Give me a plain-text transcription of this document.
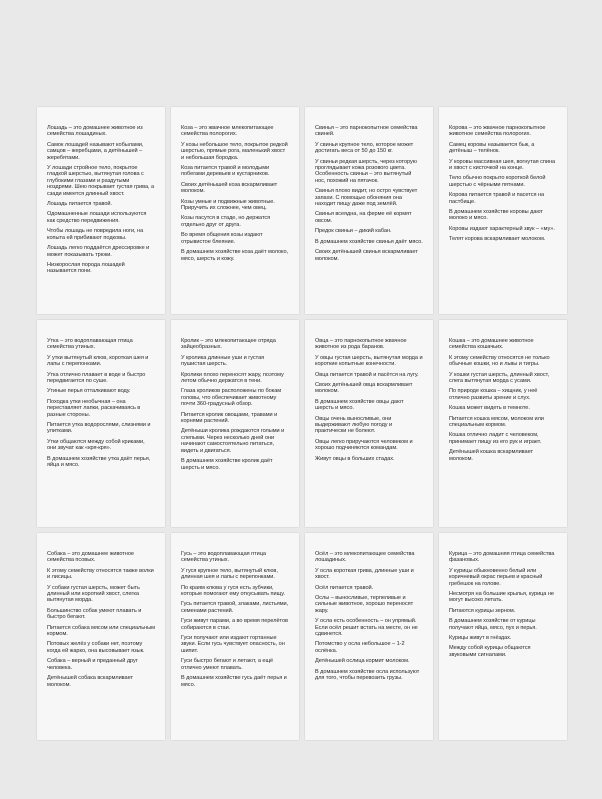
Лошадь – это домашнее животное из семейства лошадиных.

Самок лошадей называют кобылами, самцов – жеребцами, а детёнышей – жеребятами.

У лошади стройное тело, покрытое гладкой шерстью, вытянутая голова с глубокими глазами и раздутыми ноздрями. Шею покрывает густая грива, а сзади имеется длинный хвост.

Лошадь питается травой.

Одомашненные лошади используются как средство передвижения.

Чтобы лошадь не повредила ноги, на копыта ей прибивают подковы.

Лошадь легко поддаётся дрессировке и может показывать трюки.

Низкорослая порода лошадей называется пони.

Коза – это жвачное млекопитающее семейства полорогих.

У козы небольшое тело, покрытое редкой шерстью, прямые рога, маленький хвост и небольшая бородка.

Коза питается травой и молодыми побегами деревьев и кустарников.

Своих детёнышей коза вскармливает молоком.

Козы умные и подвижные животные. Приручить их сложнее, чем овец.

Козы пасутся в стаде, но держатся отдельно друг от друга.

Во время общения козы издают отрывистое блеяние.

В домашнем хозяйстве коза даёт молоко, мясо, шерсть и кожу.

Свинья – это парнокопытное семейства свиней.

У свиньи крупное тело, которое может достигать веса от 50 до 150 кг.

У свиньи редкая шерсть, через которую проглядывает кожа розового цвета. Особенность свиньи – это вытянутый нос, похожий на пятачок.

Свинья плохо видит, но остро чувствует запахи. С помощью обоняния она находит пищу даже под землёй.

Свинья всеядна, на ферме её кормят овсом.

Предок свиньи – дикий кабан.

В домашнем хозяйстве свинья даёт мясо.

Своих детёнышей свинья вскармливает молоком.

Корова – это жвачное парнокопытное животное семейства полорогих.

Самец коровы называется бык, а детёныш – телёнок.

У коровы массивная шея, вогнутая спина и хвост с кисточкой на конце.

Тело обычно покрыто короткой белой шерстью с чёрными пятнами.

Корова питается травой и пасется на пастбище.

В домашнем хозяйстве коровы дают молоко и мясо.

Коровы издают характерный звук – «му».

Телят корова вскармливает молоком.

Утка – это водоплавающая птица семейства утиных.

У утки вытянутый клюв, короткая шея и лапы с перепонками.

Утка отлично плавает в воде и быстро передвигается по суше.

Утиные перья отталкивают воду.

Походка утки необычная – она переставляет лапки, раскачиваясь в разные стороны.

Питается утка водорослями, слизнями и улитками.

Утки общаются между собой криками, они звучат как «кря-кря».

В домашнем хозяйстве утка даёт перья, яйца и мясо.

Кролик – это млекопитающее отряда зайцеобразных.

У кролика длинные уши и густая пушистая шерсть.

Кролики плохо переносят жару, поэтому летом обычно держатся в тени.

Глаза кроликов расположены по бокам головы, что обеспечивает животному почти 360-градусный обзор.

Питается кролик овощами, травами и корнями растений.

Детёныши кролика рождаются голыми и слепыми. Через несколько дней они начинают самостоятельно питаться, видеть и двигаться.

В домашнем хозяйстве кролик даёт шерсть и мясо.

Овца – это парнокопытное жвачное животное из рода баранов.

У овцы густая шерсть, вытянутая морда и короткие копытные конечности.

Овца питается травой и пасётся на лугу.

Своих детёнышей овца вскармливает молоком.

В домашнем хозяйстве овцы дают шерсть и мясо.

Овцы очень выносливые, они выдерживают любую погоду и практически не болеют.

Овцы легко приручаются человеком и хорошо подчиняются командам.

Живут овцы в больших стадах.

Кошка – это домашнее животное семейства кошачьих.

К этому семейству относятся не только обычные кошки, но и львы и тигры.

У кошки густая шерсть, длинный хвост, слега вытянутая морда с усами.

По природе кошка – хищник, у неё отлично развиты зрение и слух.

Кошка может видеть в темноте.

Питается кошка мясом, молоком или специальным кормом.

Кошка отлично ладит с человеком, принимает пищу из его рук и играет.

Детёнышей кошка вскармливает молоком.

Собака – это домашнее животное семейства псовых.

К этому семейству относятся также волки и лисицы.

У собаки густая шерсть, может быть длинный или короткий хвост, слегка вытянутая морда.

Большинство собак умеют плавать и быстро бегают.

Питается собака мясом или специальным кормом.

Потовых желёз у собаки нет, поэтому когда ей жарко, она высовывает язык.

Собака – верный и преданный друг человека.

Детёнышей собака вскармливает молоком.

Гусь – это водоплавающая птица семейства утиных.

У гуся крупное тело, вытянутый клюв, длинная шея и лапы с перепонками.

По краям клюва у гуся есть зубчики, которые помогают ему откусывать пищу.

Гусь питается травой, злаками, листьями, семенами растений.

Гуси живут парами, а во время перелётов собираются в стаи.

Гуси получают или издают гортанные звуки. Если гусь чувствует опасность, он шипит.

Гуси быстро бегают и летают, а ещё отлично умеют плавать.

В домашнем хозяйстве гусь даёт перья и мясо.

Осёл – это млекопитающее семейства лошадиных.

У осла короткая грива, длинные уши и хвост.

Осёл питается травой.

Ослы – выносливые, терпеливые и сильные животное, хорошо переносят жару.

У осла есть особенность – он упрямый. Если осёл решит встать на месте, он не сдвинется.

Потомство у осла небольшое – 1-2 ослёнка.

Детёнышей ослица кормит молоком.

В домашнем хозяйстве осла используют для того, чтобы перевозить грузы.

Курица – это домашняя птица семейства фазановых.

У курицы обыкновенно белый или коричневый окрас перьев и красный гребешок на голове.

Несмотря на большие крылья, курица не могут высоко летать.

Питаются курицы зерном.

В домашнем хозяйстве от курицы получают яйца, мясо, пух и перья.

Курицы живут в гнёздах.

Между собой курицы общаются звуковыми сигналами.
